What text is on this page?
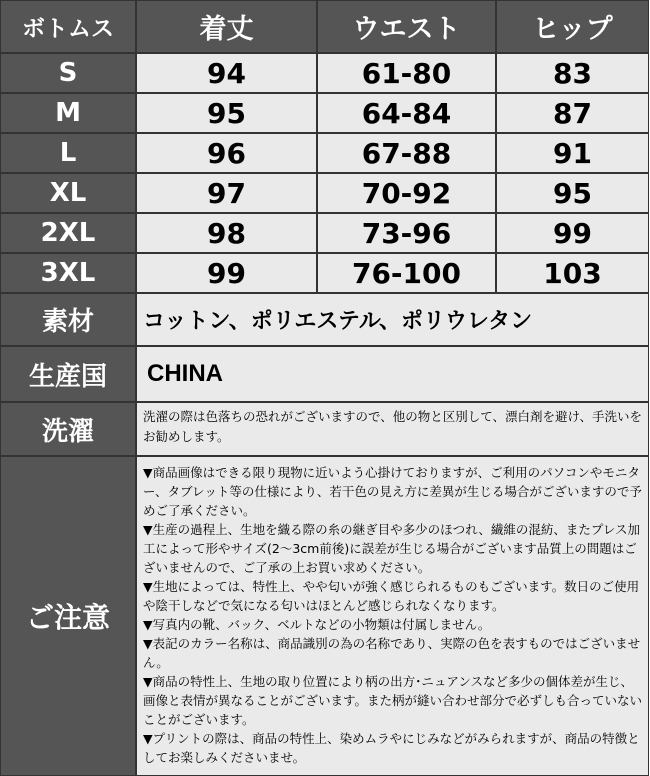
ボトムス	着丈	ウエスト	ヒップ
S	94	61-80	83
M	95	64-84	87
L	96	67-88	91
XL	97	70-92	95
2XL	98	73-96	99
3XL	99	76-100	103
素材	コットン、ポリエステル、ポリウレタン
生産国	CHINA
洗濯	洗濯の際は色落ちの恐れがございますので、他の物と区別して、漂白剤を避け、手洗いをお勧めします。

ご注意
▼商品画像はできる限り現物に近いよう心掛けておりますが、ご利用のパソコンやモニター、タブレット等の仕様により、若干色の見え方に差異が生じる場合がございますので予めご了承ください。
▼生産の過程上、生地を織る際の糸の継ぎ目や多少のほつれ、繊維の混紡、またプレス加工によって形やサイズ(2〜3cm前後)に誤差が生じる場合がございます品質上の問題はございませんので、ご了承の上お買い求めください。
▼生地によっては、特性上、やや匂いが強く感じられるものもございます。数日のご使用や陰干しなどで気になる匂いはほとんど感じられなくなります。
▼写真内の靴、バック、ベルトなどの小物類は付属しません。
▼表記のカラー名称は、商品識別の為の名称であり、実際の色を表すものではございません。
▼商品の特性上、生地の取り位置により柄の出方･ニュアンスなど多少の個体差が生じ、画像と表情が異なることがございます。また柄が縫い合わせ部分で必ずしも合っていないことがございます。
▼プリントの際は、商品の特性上、染めムラやにじみなどがみられますが、商品の特徴としてお楽しみくださいませ。
